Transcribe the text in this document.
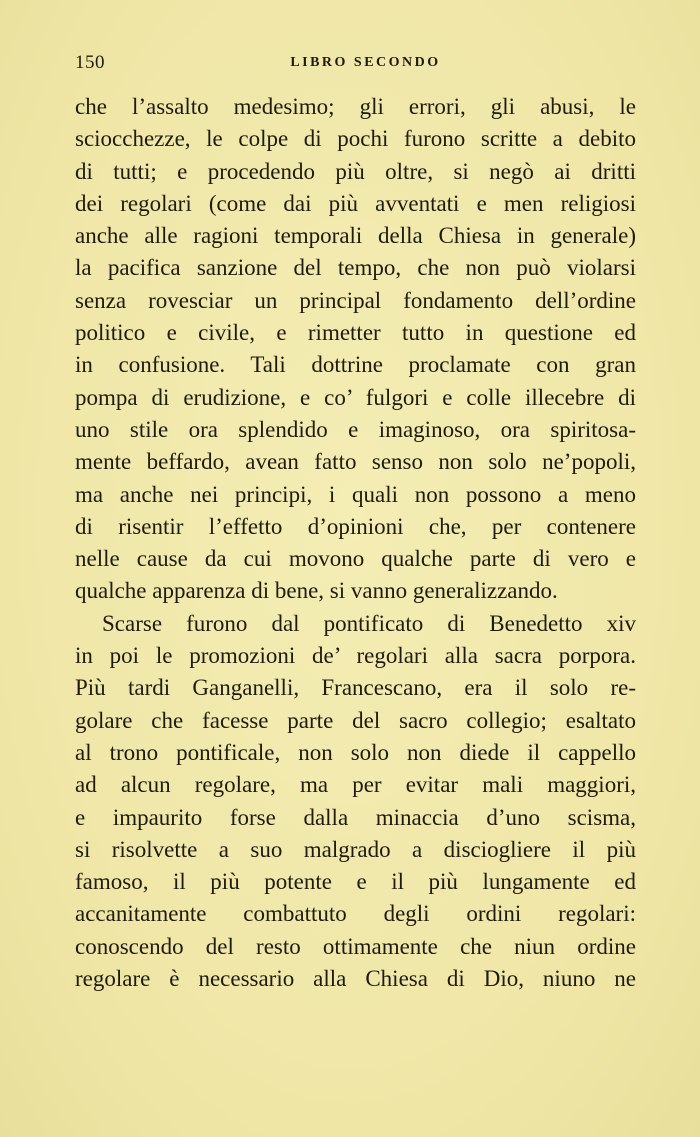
150	LIBRO SECONDO
che l’assalto medesimo; gli errori, gli abusi, le
sciocchezze, le colpe di pochi furono scritte a debito
di tutti; e procedendo più oltre, si negò ai dritti
dei regolari (come dai più avventati e men religiosi
anche alle ragioni temporali della Chiesa in generale)
la pacifica sanzione del tempo, che non può violarsi
senza rovesciar un principal fondamento dell’ordine
politico e civile, e rimetter tutto in questione ed
in confusione. Tali dottrine proclamate con gran
pompa di erudizione, e co’ fulgori e colle illecebre di
uno stile ora splendido e imaginoso, ora spiritosa-
mente beffardo, avean fatto senso non solo ne’popoli,
ma anche nei principi, i quali non possono a meno
di risentir l’effetto d’opinioni che, per contenere
nelle cause da cui movono qualche parte di vero e
qualche apparenza di bene, si vanno generalizzando.
Scarse furono dal pontificato di Benedetto xiv
in poi le promozioni de’ regolari alla sacra porpora.
Più tardi Ganganelli, Francescano, era il solo re-
golare che facesse parte del sacro collegio; esaltato
al trono pontificale, non solo non diede il cappello
ad alcun regolare, ma per evitar mali maggiori,
e impaurito forse dalla minaccia d’uno scisma,
si risolvette a suo malgrado a disciogliere il più
famoso, il più potente e il più lungamente ed
accanitamente combattuto degli ordini regolari:
conoscendo del resto ottimamente che niun ordine
regolare è necessario alla Chiesa di Dio, niuno ne
